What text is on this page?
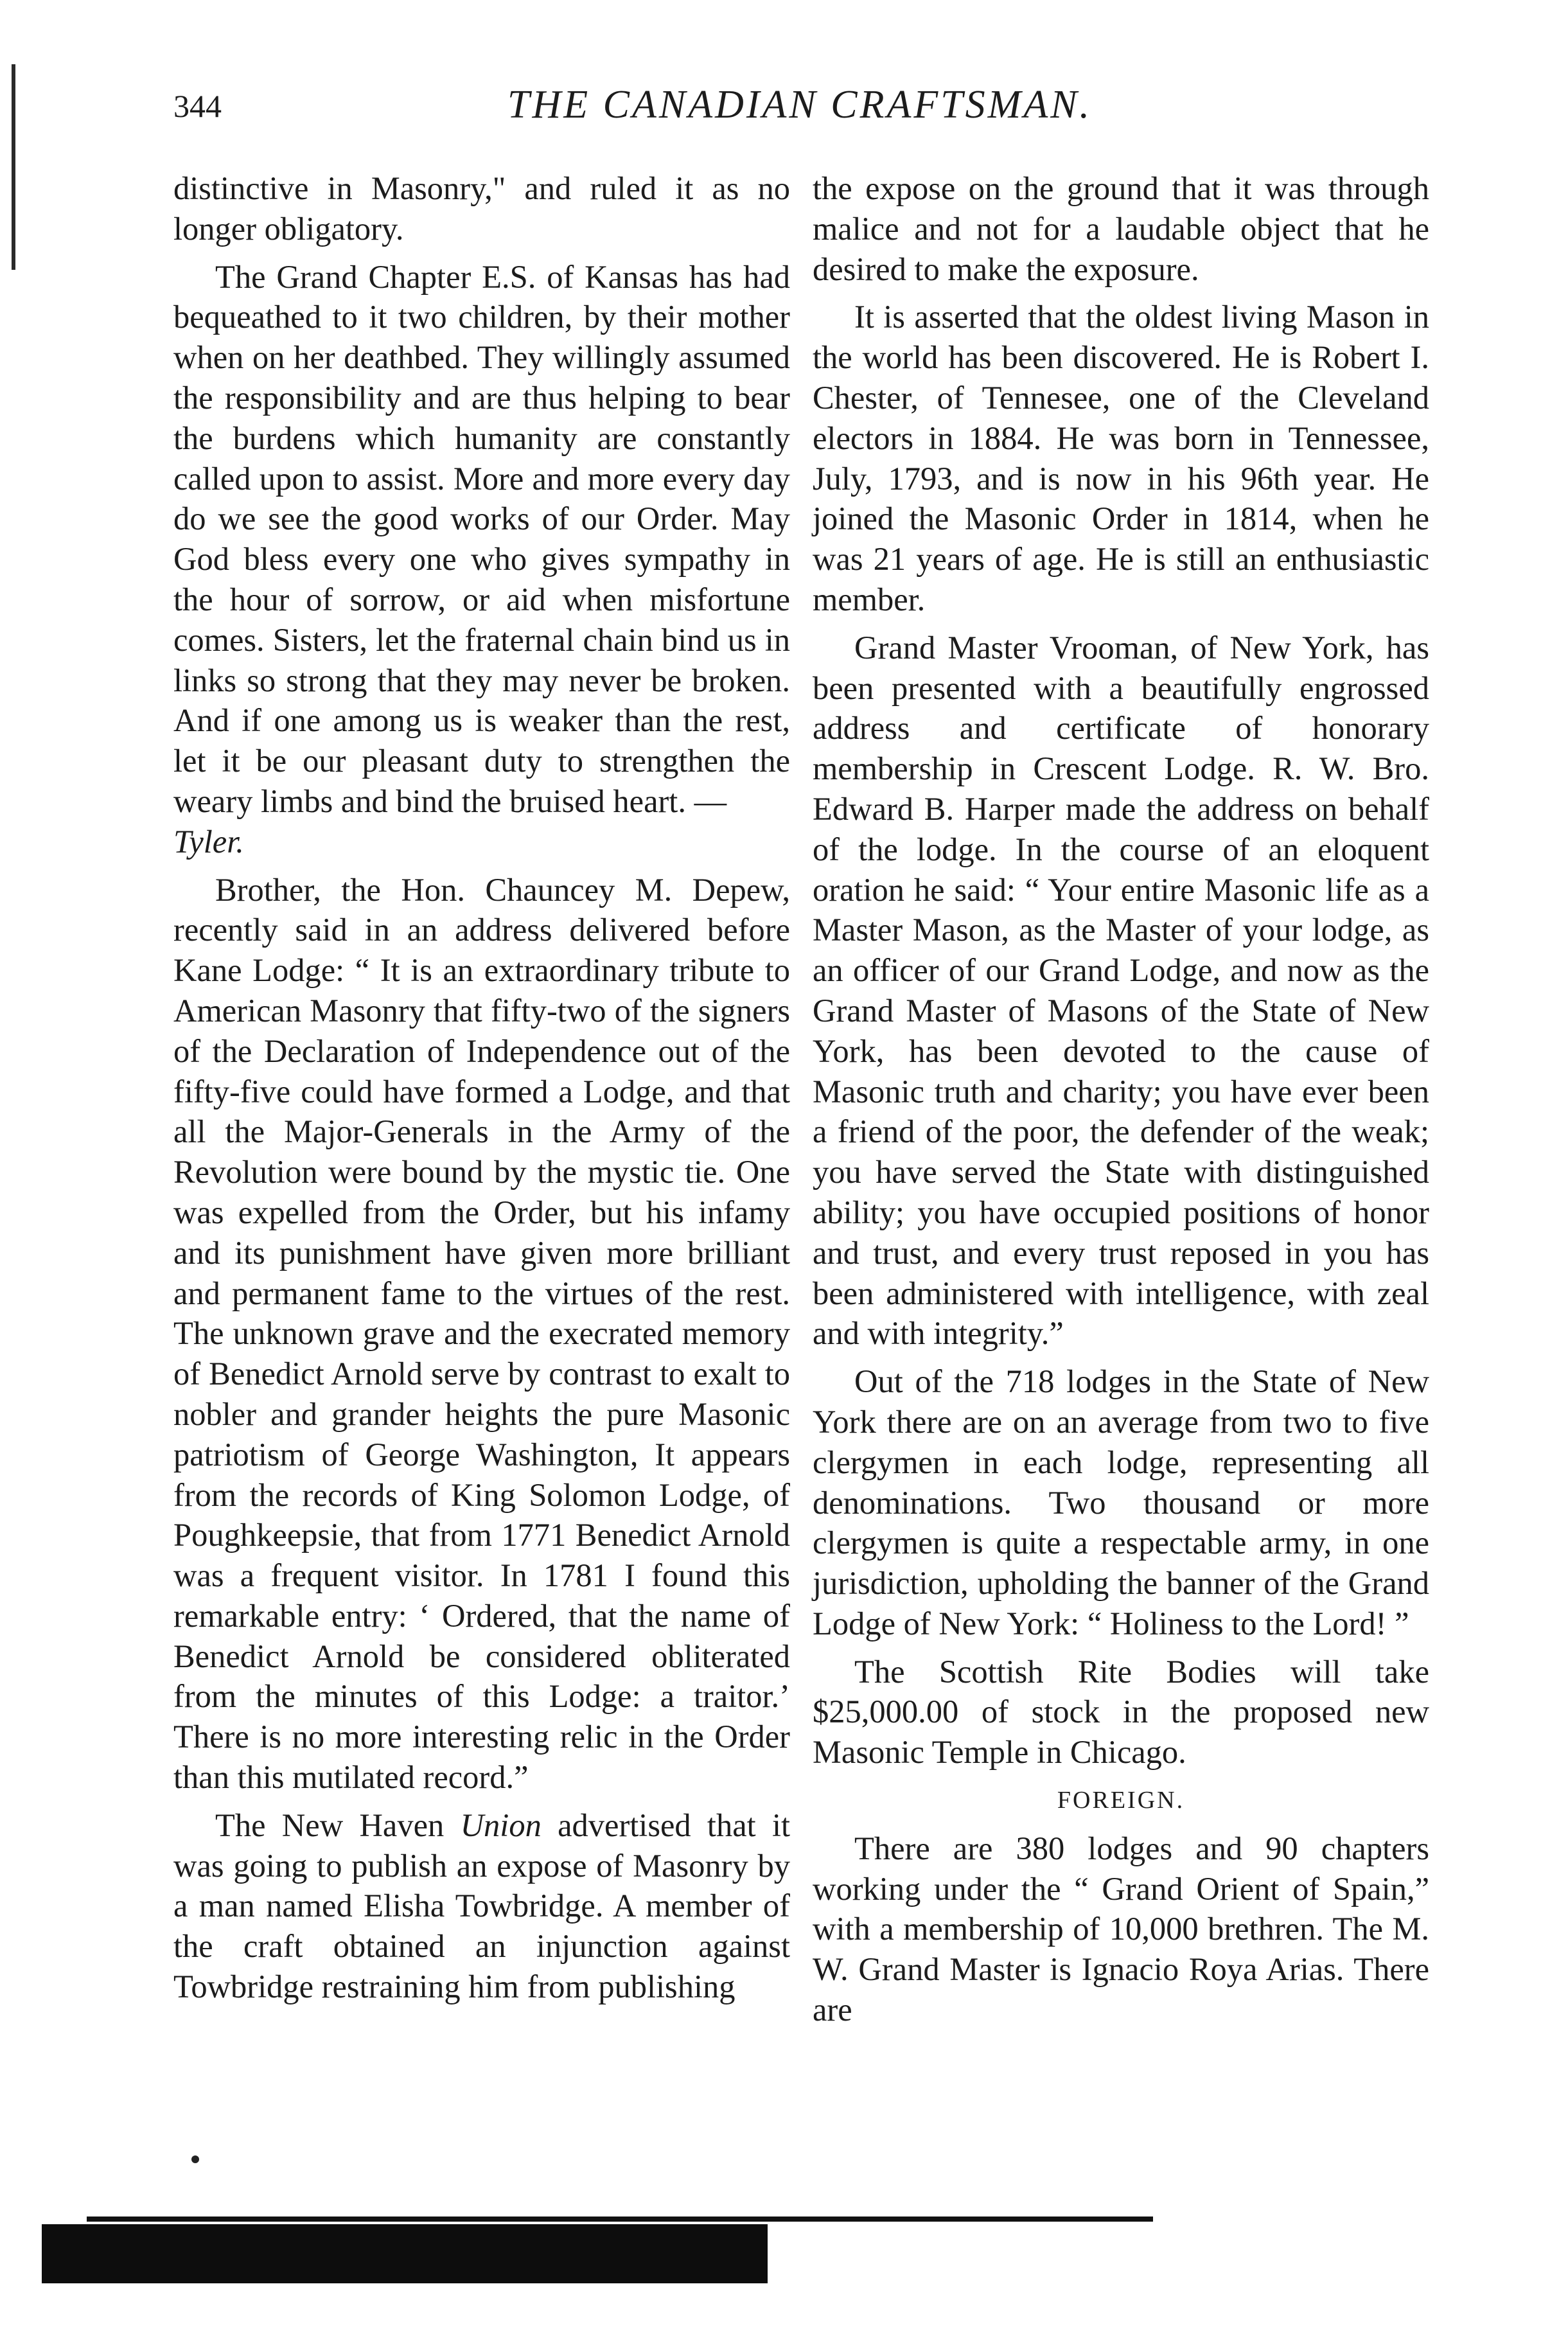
344	THE CANADIAN CRAFTSMAN.

distinctive in Masonry," and ruled it as no longer obligatory.

The Grand Chapter E.S. of Kansas has had bequeathed to it two children, by their mother when on her deathbed. They willingly assumed the responsibility and are thus helping to bear the burdens which humanity are constantly called upon to assist. More and more every day do we see the good works of our Order. May God bless every one who gives sympathy in the hour of sorrow, or aid when misfortune comes. Sisters, let the fraternal chain bind us in links so strong that they may never be broken. And if one among us is weaker than the rest, let it be our pleasant duty to strengthen the weary limbs and bind the bruised heart. —
Tyler.

Brother, the Hon. Chauncey M. Depew, recently said in an address delivered before Kane Lodge: “ It is an extraordinary tribute to American Masonry that fifty-two of the signers of the Declaration of Independence out of the fifty-five could have formed a Lodge, and that all the Major-Generals in the Army of the Revolution were bound by the mystic tie. One was expelled from the Order, but his infamy and its punishment have given more brilliant and permanent fame to the virtues of the rest. The unknown grave and the execrated memory of Benedict Arnold serve by contrast to exalt to nobler and grander heights the pure Masonic patriotism of George Washington, It appears from the records of King Solomon Lodge, of Poughkeepsie, that from 1771 Benedict Arnold was a frequent visitor. In 1781 I found this remarkable entry: ‘ Ordered, that the name of Benedict Arnold be considered obliterated from the minutes of this Lodge: a traitor.’ There is no more interesting relic in the Order than this mutilated record.”

The New Haven Union advertised that it was going to publish an expose of Masonry by a man named Elisha Towbridge. A member of the craft obtained an injunction against Towbridge restraining him from publishing

the expose on the ground that it was through malice and not for a laudable object that he desired to make the exposure.

It is asserted that the oldest living Mason in the world has been discovered. He is Robert I. Chester, of Tennesee, one of the Cleveland electors in 1884. He was born in Tennessee, July, 1793, and is now in his 96th year. He joined the Masonic Order in 1814, when he was 21 years of age. He is still an enthusiastic member.

Grand Master Vrooman, of New York, has been presented with a beautifully engrossed address and certificate of honorary membership in Crescent Lodge. R. W. Bro. Edward B. Harper made the address on behalf of the lodge. In the course of an eloquent oration he said: “ Your entire Masonic life as a Master Mason, as the Master of your lodge, as an officer of our Grand Lodge, and now as the Grand Master of Masons of the State of New York, has been devoted to the cause of Masonic truth and charity; you have ever been a friend of the poor, the defender of the weak; you have served the State with distinguished ability; you have occupied positions of honor and trust, and every trust reposed in you has been administered with intelligence, with zeal and with integrity.”

Out of the 718 lodges in the State of New York there are on an average from two to five clergymen in each lodge, representing all denominations. Two thousand or more clergymen is quite a respectable army, in one jurisdiction, upholding the banner of the Grand Lodge of New York: “ Holiness to the Lord! ”

The Scottish Rite Bodies will take $25,000.00 of stock in the proposed new Masonic Temple in Chicago.

FOREIGN.

There are 380 lodges and 90 chapters working under the “ Grand Orient of Spain,” with a membership of 10,000 brethren. The M. W. Grand Master is Ignacio Roya Arias. There are
